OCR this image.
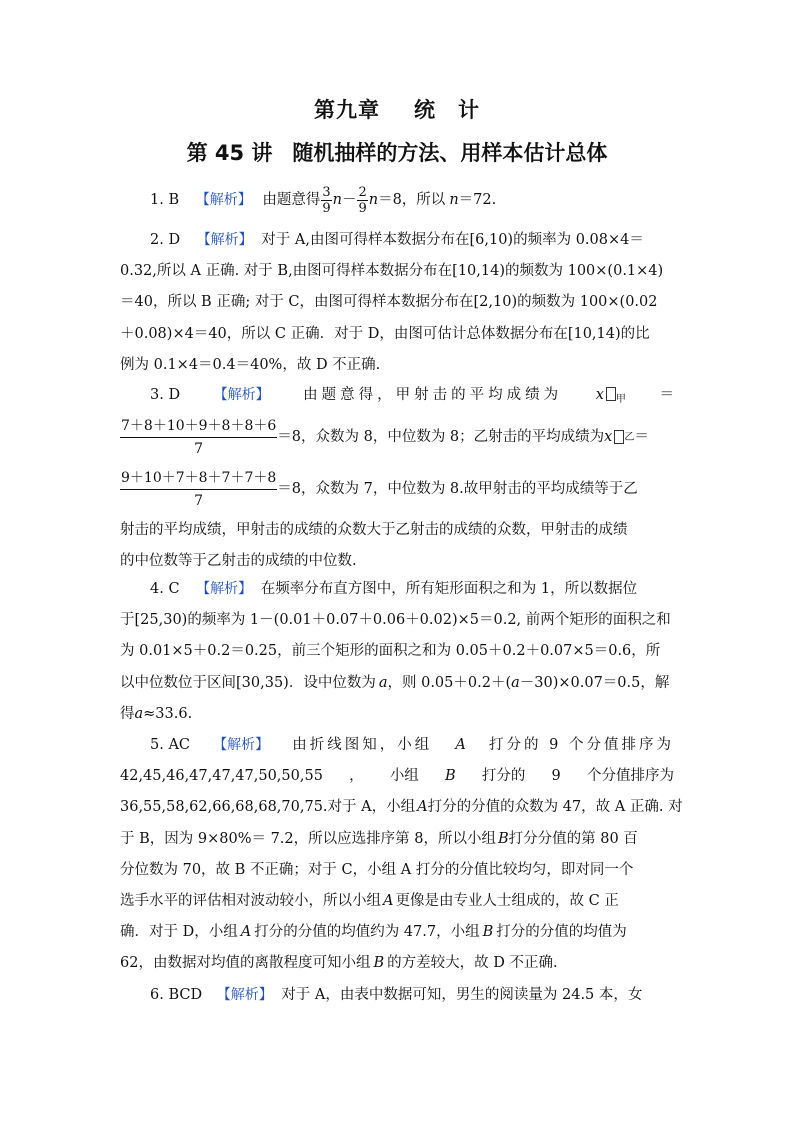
第九章 统　计
第 45 讲 随机抽样的方法、用样本估计总体
1. B 【解析】 由题意得 $\frac{3}{9} n- \frac{2}{9} n=8$，所以 n＝72.
2. D 【解析】 对于 A,由图可得样本数据分布在[6,10)的频率为 0.08×4＝
0.32,所以 A 正确. 对于 B,由图可得样本数据分布在[10,14)的频数为 100×(0.1×4)
＝40，所以 B 正确; 对于 C，由图可得样本数据分布在[2,10)的频数为 100×(0.02
＋0.08)×4＝40，所以 C 正确．对于 D，由图可估计总体数据分布在[10,14)的比
例为 0.1×4＝0.4＝40%，故 D 不正确.
3. D 【解析】 由题意得，甲射击的平均成绩为 x $_甲$ ＝
7＋8＋10＋9＋8＋8＋6
7
＝8，众数为 8，中位数为 8；乙射击的平均成绩为 x 乙 ＝
9＋10＋7＋8＋7＋7＋8
7
＝8，众数为 7，中位数为 8.故甲射击的平均成绩等于乙
射击的平均成绩，甲射击的成绩的众数大于乙射击的成绩的众数，甲射击的成绩
的中位数等于乙射击的成绩的中位数.
4. C 【解析】 在频率分布直方图中，所有矩形面积之和为 1，所以数据位
于[25,30)的频率为 1－(0.01＋0.07＋0.06＋0.02)×5＝0.2, 前两个矩形的面积之和
为 0.01×5＋0.2＝0.25，前三个矩形的面积之和为 0.05＋0.2＋0.07×5＝0.6，所
以中位数位于区间[30,35)．设中位数为 a，则 0.05＋0.2＋(a－30)×0.07＝0.5，解
得a≈33.6.
5. AC 【解析】 由折线图知，小组 A 打分的 9 个分值排序为
42,45,46,47,47,47,50,50,55 ， 小组 B 打分的 9 个分值排序为
36,55,58,62,66,68,68,70,75.对于 A，小组 A打分的分值的众数为 47，故 A 正确. 对
于 B，因为 9×80%＝ 7.2，所以应选排序第 8，所以小组 B打分分值的第 80 百
分位数为 70，故 B 不正确；对于 C，小组 A 打分的分值比较均匀，即对同一个
选手水平的评估相对波动较小，所以小组 A 更像是由专业人士组成的，故 C 正
确．对于 D，小组 A 打分的分值的均值约为 47.7，小组 B 打分的分值的均值为
62，由数据对均值的离散程度可知小组 B 的方差较大，故 D 不正确.
6. BCD 【解析】 对于 A，由表中数据可知，男生的阅读量为 24.5 本，女
